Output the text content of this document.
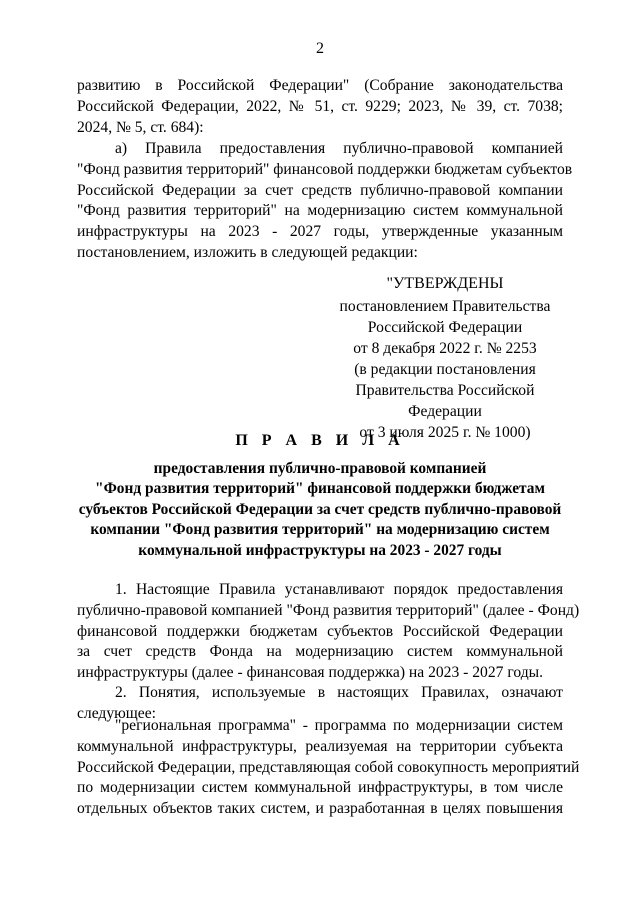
2
развитию в Российской Федерации" (Собрание законодательства
Российской Федерации, 2022, № 51, ст. 9229; 2023, № 39, ст. 7038;
2024, № 5, ст. 684):
а) Правила предоставления публично-правовой компанией
"Фонд развития территорий" финансовой поддержки бюджетам субъектов
Российской Федерации за счет средств публично-правовой компании
"Фонд развития территорий" на модернизацию систем коммунальной
инфраструктуры на 2023 - 2027 годы, утвержденные указанным
постановлением, изложить в следующей редакции:
"УТВЕРЖДЕНЫ
постановлением Правительства
Российской Федерации
от 8 декабря 2022 г. № 2253
(в редакции постановления
Правительства Российской Федерации
от 3 июля 2025 г. № 1000)
П Р А В И Л А
предоставления публично-правовой компанией
"Фонд развития территорий" финансовой поддержки бюджетам
субъектов Российской Федерации за счет средств публично-правовой
компании "Фонд развития территорий" на модернизацию систем
коммунальной инфраструктуры на 2023 - 2027 годы
1. Настоящие Правила устанавливают порядок предоставления
публично-правовой компанией "Фонд развития территорий" (далее - Фонд)
финансовой поддержки бюджетам субъектов Российской Федерации
за счет средств Фонда на модернизацию систем коммунальной
инфраструктуры (далее - финансовая поддержка) на 2023 - 2027 годы.
2. Понятия, используемые в настоящих Правилах, означают
следующее:
"региональная программа" - программа по модернизации систем
коммунальной инфраструктуры, реализуемая на территории субъекта
Российской Федерации, представляющая собой совокупность мероприятий
по модернизации систем коммунальной инфраструктуры, в том числе
отдельных объектов таких систем, и разработанная в целях повышения
